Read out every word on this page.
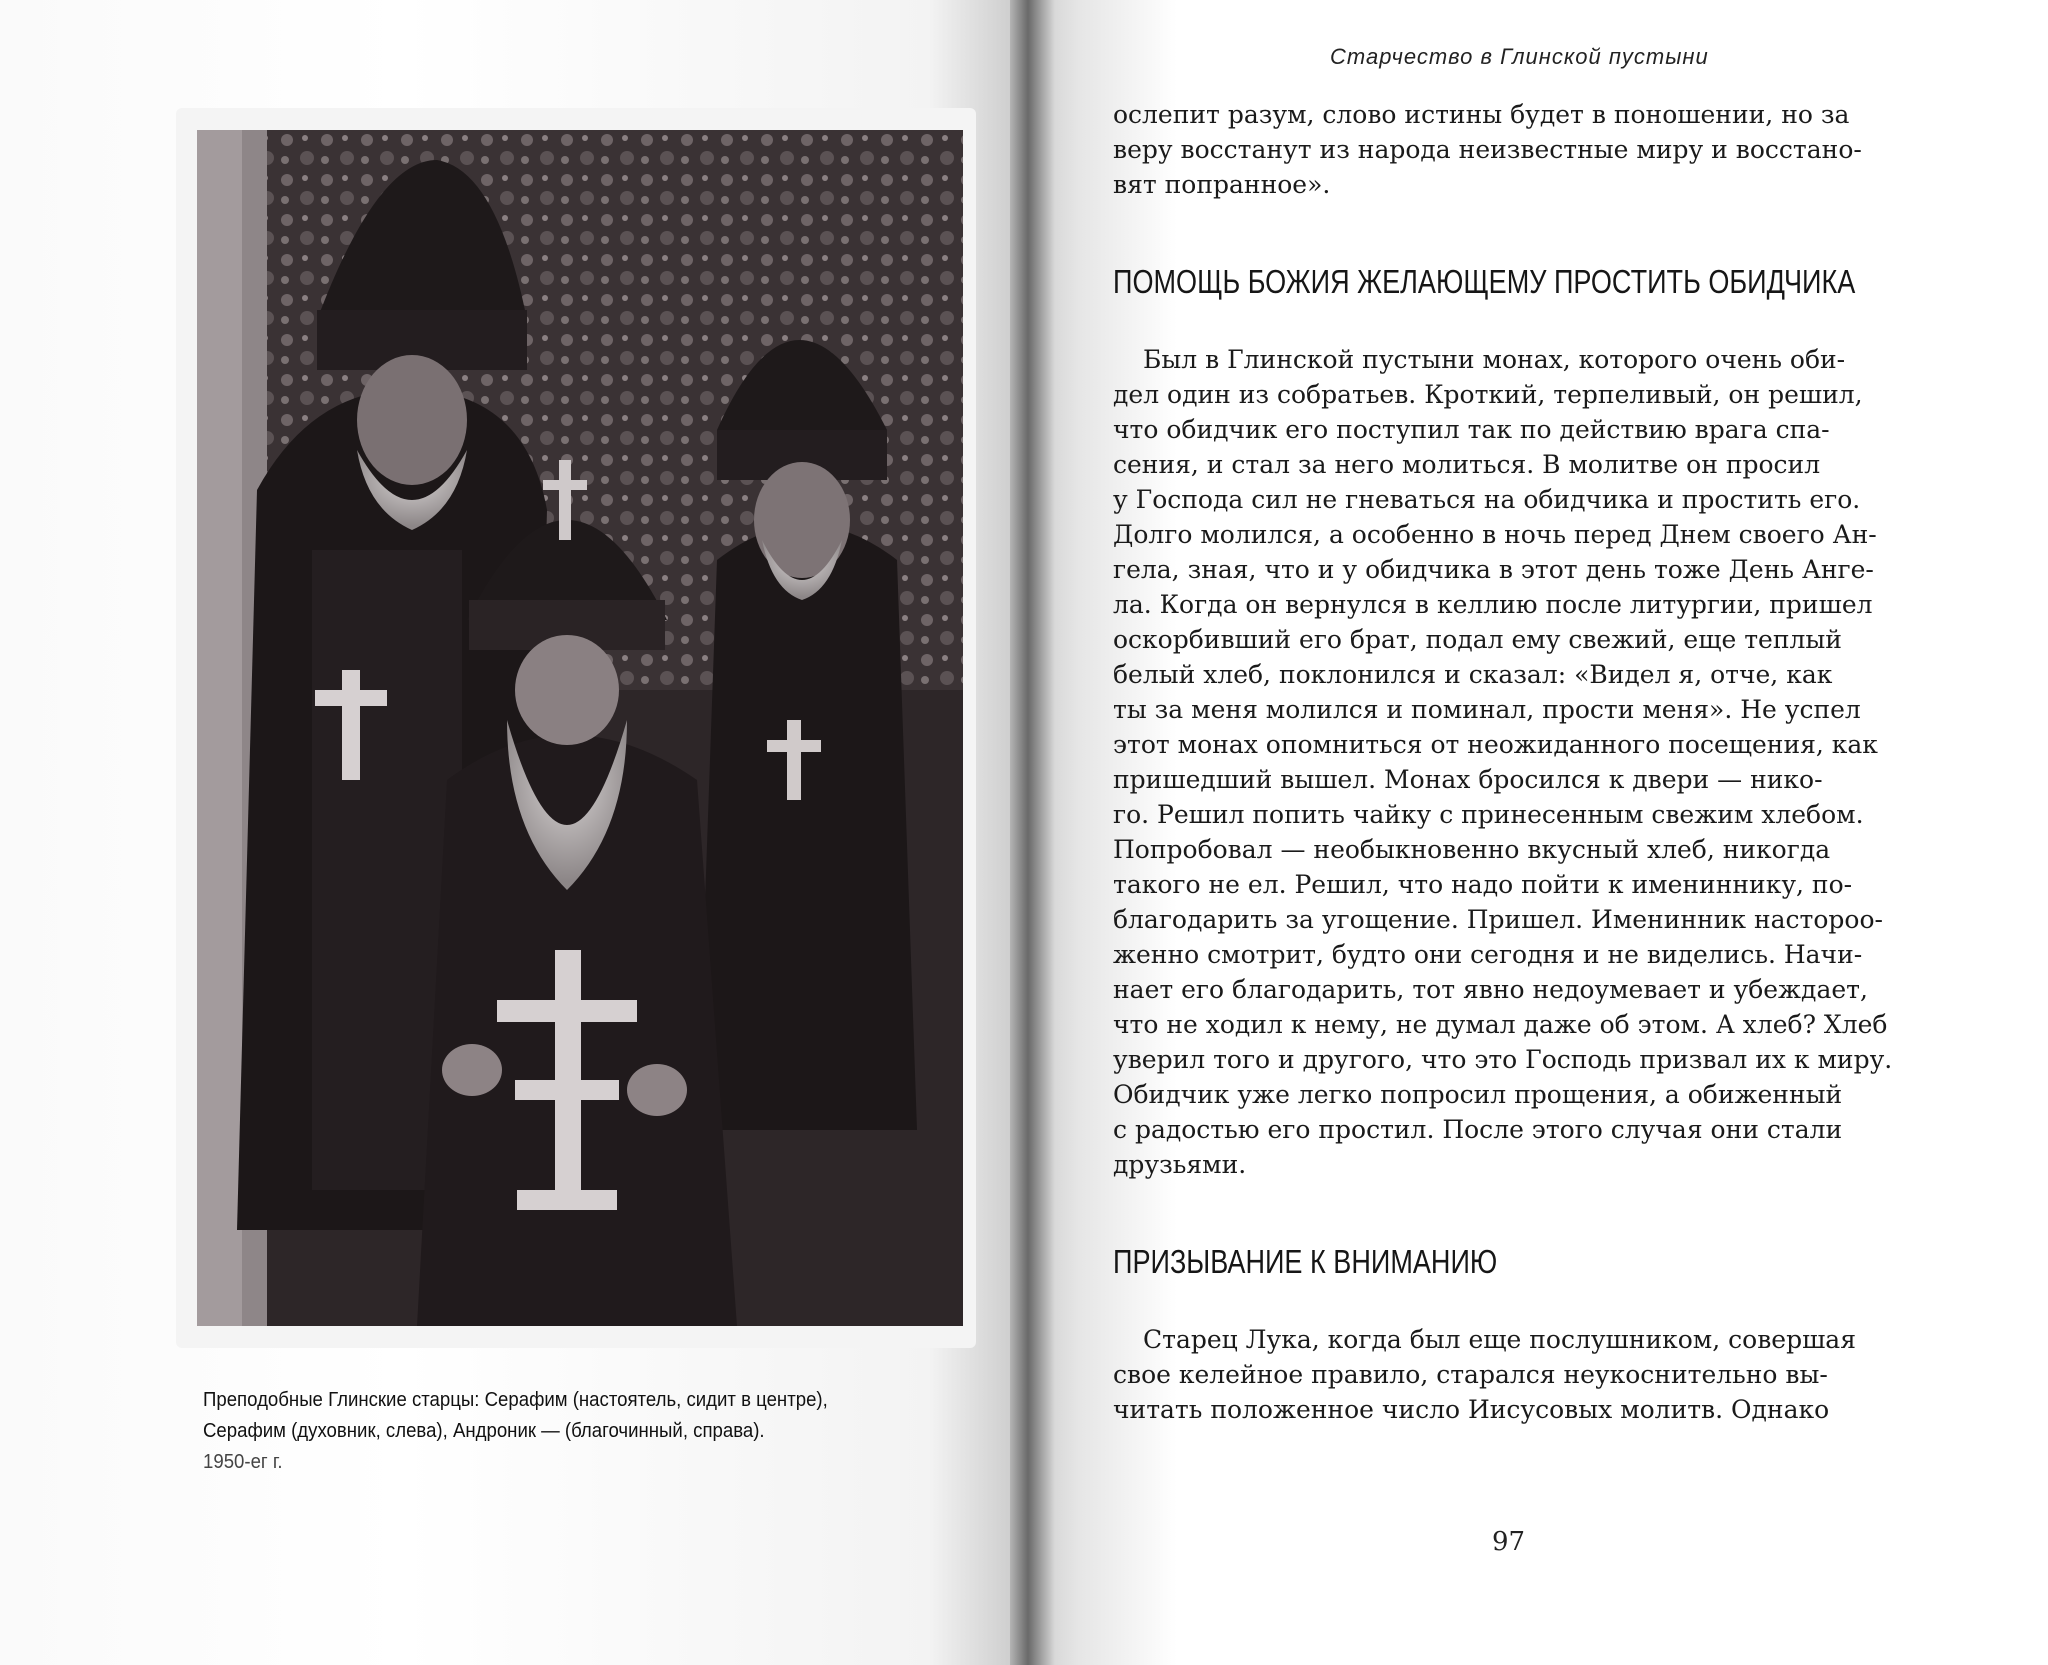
Преподобные Глинские старцы: Серафим (настоятель, сидит в центре),
Серафим (духовник, слева), Андроник — (благочинный, справа).
1950-ег г.
Старчество в Глинской пустыни

ослепит разум, слово истины будет в поношении, но за

веру восстанут из народа неизвестные миру и восстано-

вят попранное».

ПОМОЩЬ БОЖИЯ ЖЕЛАЮЩЕМУ ПРОСТИТЬ ОБИДЧИКА

Был в Глинской пустыни монах, которого очень оби-

дел один из собратьев. Кроткий, терпеливый, он решил,

что обидчик его поступил так по действию врага спа-

сения, и стал за него молиться. В молитве он просил

у Господа сил не гневаться на обидчика и простить его.

Долго молился, а особенно в ночь перед Днем своего Ан-

гела, зная, что и у обидчика в этот день тоже День Анге-

ла. Когда он вернулся в келлию после литургии, пришел

оскорбивший его брат, подал ему свежий, еще теплый

белый хлеб, поклонился и сказал: «Видел я, отче, как

ты за меня молился и поминал, прости меня». Не успел

этот монах опомниться от неожиданного посещения, как

пришедший вышел. Монах бросился к двери — нико-

го. Решил попить чайку с принесенным свежим хлебом.

Попробовал — необыкновенно вкусный хлеб, никогда

такого не ел. Решил, что надо пойти к имениннику, по-

благодарить за угощение. Пришел. Именинник настороо-

женно смотрит, будто они сегодня и не виделись. Начи-

нает его благодарить, тот явно недоумевает и убеждает,

что не ходил к нему, не думал даже об этом. А хлеб? Хлеб

уверил того и другого, что это Господь призвал их к миру.

Обидчик уже легко попросил прощения, а обиженный

с радостью его простил. После этого случая они стали

друзьями.

ПРИЗЫВАНИЕ К ВНИМАНИЮ

Старец Лука, когда был еще послушником, совершая

свое келейное правило, старался неукоснительно вы-

читать положенное число Иисусовых молитв. Однако

97
